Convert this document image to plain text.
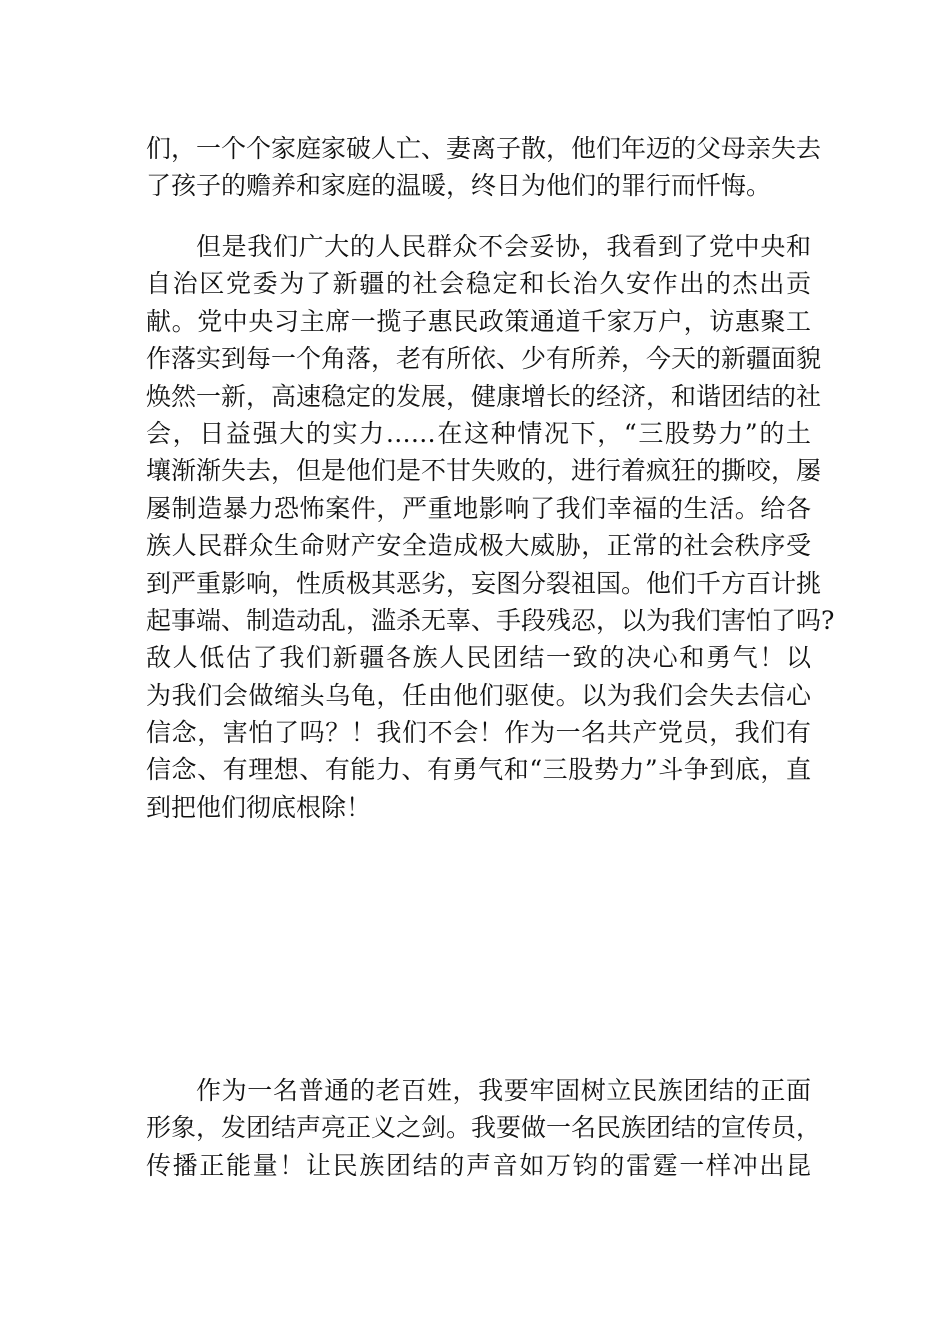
们，一个个家庭家破人亡、妻离子散，他们年迈的父母亲失去
了孩子的赡养和家庭的温暖，终日为他们的罪行而忏悔。
但是我们广大的人民群众不会妥协，我看到了党中央和
自治区党委为了新疆的社会稳定和长治久安作出的杰出贡
献。党中央习主席一揽子惠民政策通道千家万户，访惠聚工
作落实到每一个角落，老有所依、少有所养，今天的新疆面貌
焕然一新，高速稳定的发展，健康增长的经济，和谐团结的社
会，日益强大的实力……在这种情况下，“三股势力”的土
壤渐渐失去，但是他们是不甘失败的，进行着疯狂的撕咬，屡
屡制造暴力恐怖案件，严重地影响了我们幸福的生活。给各
族人民群众生命财产安全造成极大威胁，正常的社会秩序受
到严重影响，性质极其恶劣，妄图分裂祖国。他们千方百计挑
起事端、制造动乱，滥杀无辜、手段残忍，以为我们害怕了吗?
敌人低估了我们新疆各族人民团结一致的决心和勇气！以
为我们会做缩头乌龟，任由他们驱使。以为我们会失去信心
信念，害怕了吗？！我们不会！作为一名共产党员，我们有
信念、有理想、有能力、有勇气和“三股势力”斗争到底，直
到把他们彻底根除！
作为一名普通的老百姓，我要牢固树立民族团结的正面
形象，发团结声亮正义之剑。我要做一名民族团结的宣传员，
传播正能量！让民族团结的声音如万钧的雷霆一样冲出昆
